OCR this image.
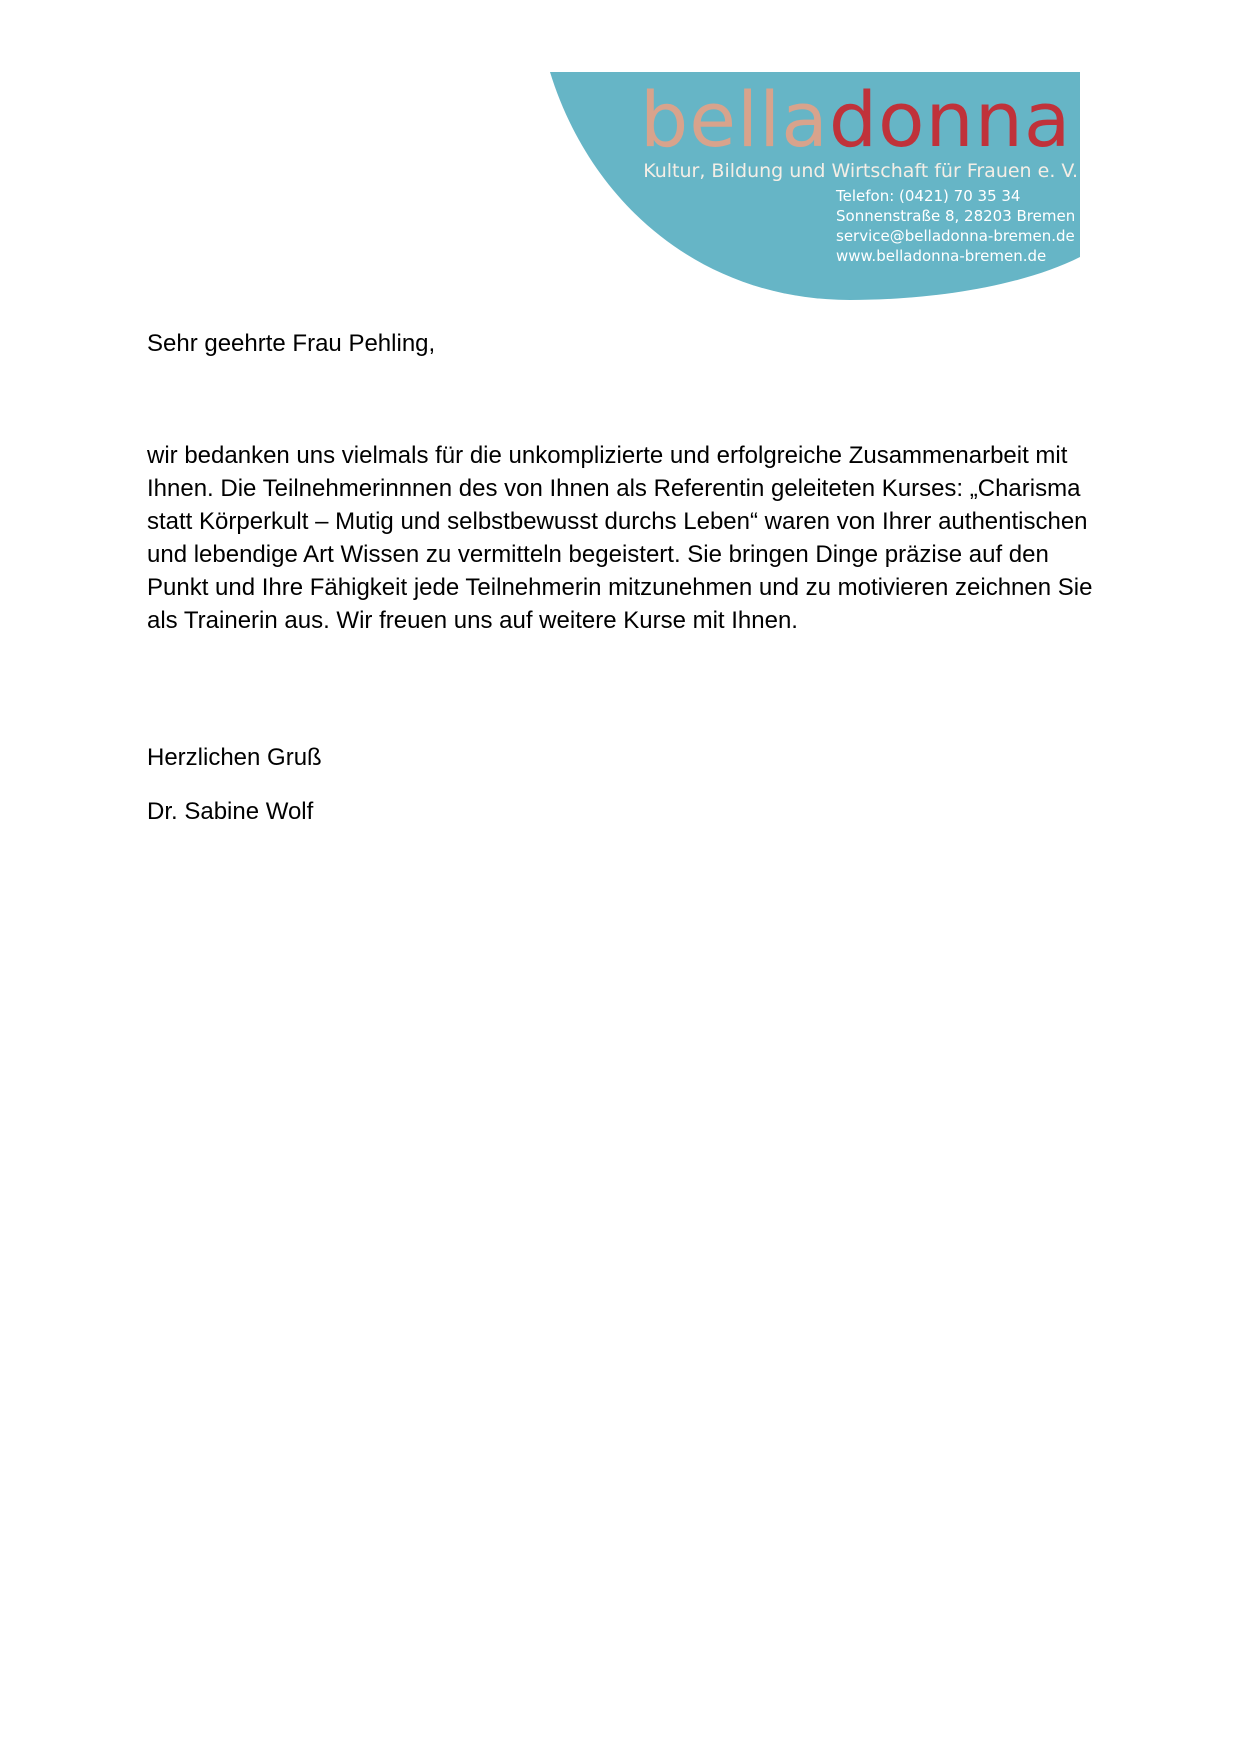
belladonna
Kultur, Bildung und Wirtschaft für Frauen e. V.
Telefon: (0421) 70 35 34
Sonnenstraße 8, 28203 Bremen
service@belladonna-bremen.de
www.belladonna-bremen.de
Sehr geehrte Frau Pehling,

wir bedanken uns vielmals für die unkomplizierte und erfolgreiche Zusammenarbeit mit Ihnen. Die Teilnehmerinnnen des von Ihnen als Referentin geleiteten Kurses: „Charisma statt Körperkult – Mutig und selbstbewusst durchs Leben“ waren von Ihrer authentischen und lebendige Art Wissen zu vermitteln begeistert. Sie bringen Dinge präzise auf den Punkt und Ihre Fähigkeit jede Teilnehmerin mitzunehmen und zu motivieren zeichnen Sie als Trainerin aus. Wir freuen uns auf weitere Kurse mit Ihnen.

Herzlichen Gruß
Dr. Sabine Wolf
